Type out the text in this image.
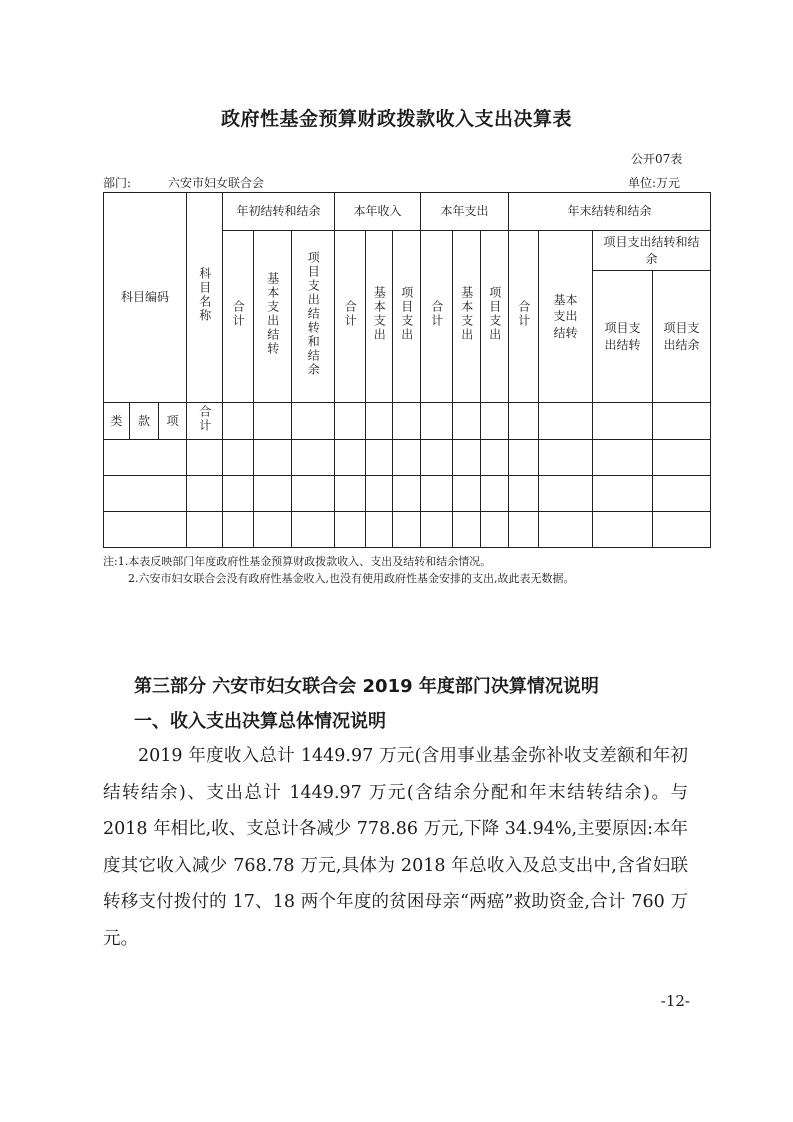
政府性基金预算财政拨款收入支出决算表
公开07表
部门:	六安市妇女联合会	单位:万元
科目编码			科目名称	年初结转和结余			本年收入			本年支出			年末结转和结余			
				合计	基本支出结转	项目支出结转和结余	合计	基本支出	项目支出	合计	基本支出	项目支出	合计	基本支出结转	项目支出结转和结余	
															项目支出结转	项目支出结余
类	款	项	合计													

注:1.本表反映部门年度政府性基金预算财政拨款收入、支出及结转和结余情况。
2.六安市妇女联合会没有政府性基金收入,也没有使用政府性基金安排的支出,故此表无数据。
第三部分 六安市妇女联合会 2019 年度部门决算情况说明
一、收入支出决算总体情况说明

2019 年度收入总计 1449.97 万元(含用事业基金弥补收支差额和年初结转结余)、支出总计 1449.97 万元(含结余分配和年末结转结余)。与 2018 年相比,收、支总计各减少 778.86 万元,下降 34.94%,主要原因:本年度其它收入减少 768.78 万元,具体为 2018 年总收入及总支出中,含省妇联转移支付拨付的 17、18 两个年度的贫困母亲“两癌”救助资金,合计 760 万元。

-12-
